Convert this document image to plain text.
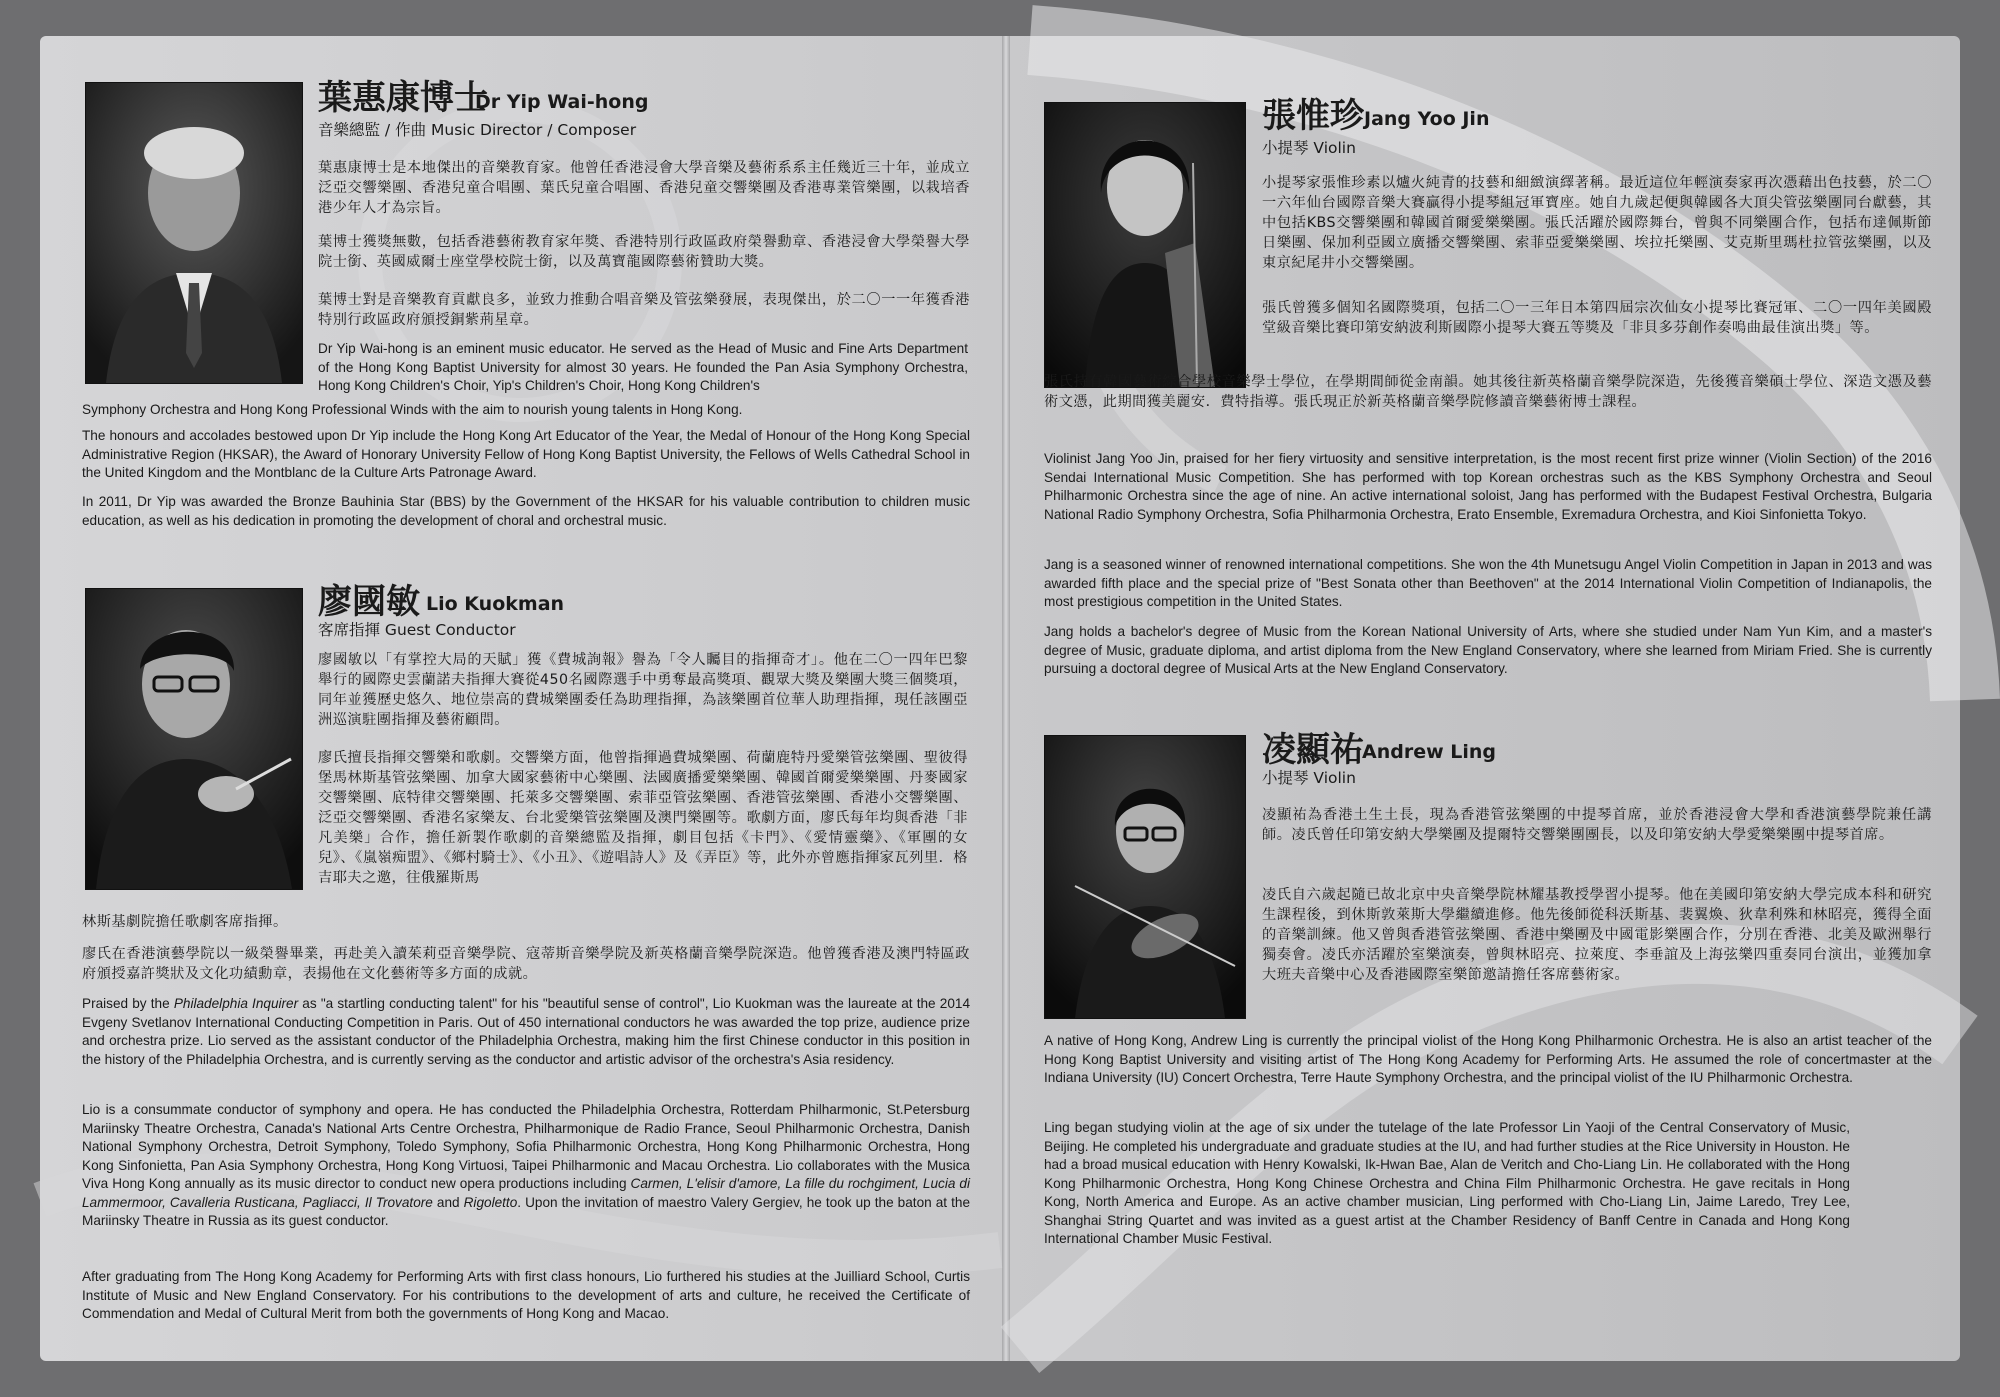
葉惠康博士
Dr Yip Wai-hong
音樂總監 / 作曲 Music Director / Composer

葉惠康博士是本地傑出的音樂教育家。他曾任香港浸會大學音樂及藝術系系主任幾近三十年，並成立泛亞交響樂團、香港兒童合唱團、葉氏兒童合唱團、香港兒童交響樂團及香港專業管樂團，以栽培香港少年人才為宗旨。

葉博士獲獎無數，包括香港藝術教育家年獎、香港特別行政區政府榮譽勳章、香港浸會大學榮譽大學院士銜、英國威爾士座堂學校院士銜，以及萬寶龍國際藝術贊助大獎。

葉博士對是音樂教育貢獻良多，並致力推動合唱音樂及管弦樂發展，表現傑出，於二〇一一年獲香港特別行政區政府頒授銅紫荊星章。

Dr Yip Wai-hong is an eminent music educator. He served as the Head of Music and Fine Arts Department of the Hong Kong Baptist University for almost 30 years. He founded the Pan Asia Symphony Orchestra, Hong Kong Children's Choir, Yip's Children's Choir, Hong Kong Children's

Symphony Orchestra and Hong Kong Professional Winds with the aim to nourish young talents in Hong Kong.

The honours and accolades bestowed upon Dr Yip include the Hong Kong Art Educator of the Year, the Medal of Honour of the Hong Kong Special Administrative Region (HKSAR), the Award of Honorary University Fellow of Hong Kong Baptist University, the Fellows of Wells Cathedral School in the United Kingdom and the Montblanc de la Culture Arts Patronage Award.

In 2011, Dr Yip was awarded the Bronze Bauhinia Star (BBS) by the Government of the HKSAR for his valuable contribution to children music education, as well as his dedication in promoting the development of choral and orchestral music.

廖國敏 Lio Kuokman
客席指揮 Guest Conductor

廖國敏以「有掌控大局的天賦」獲《費城詢報》譽為「令人矚目的指揮奇才」。他在二〇一四年巴黎舉行的國際史雲蘭諾夫指揮大賽從450名國際選手中勇奪最高獎項、觀眾大獎及樂團大獎三個獎項，同年並獲歷史悠久、地位崇高的費城樂團委任為助理指揮，為該樂團首位華人助理指揮，現任該團亞洲巡演駐團指揮及藝術顧問。

廖氏擅長指揮交響樂和歌劇。交響樂方面，他曾指揮過費城樂團、荷蘭鹿特丹愛樂管弦樂團、聖彼得堡馬林斯基管弦樂團、加拿大國家藝術中心樂團、法國廣播愛樂樂團、韓國首爾愛樂樂團、丹麥國家交響樂團、底特律交響樂團、托萊多交響樂團、索菲亞管弦樂團、香港管弦樂團、香港小交響樂團、泛亞交響樂團、香港名家樂友、台北愛樂管弦樂團及澳門樂團等。歌劇方面，廖氏每年均與香港「非凡美樂」合作，擔任新製作歌劇的音樂總監及指揮，劇目包括《卡門》、《愛情靈藥》、《軍團的女兒》、《嵐嶺痴盟》、《鄉村騎士》、《小丑》、《遊唱詩人》及《弄臣》等，此外亦曾應指揮家瓦列里．格吉耶夫之邀，往俄羅斯馬

林斯基劇院擔任歌劇客席指揮。

廖氏在香港演藝學院以一級榮譽畢業，再赴美入讀茱莉亞音樂學院、寇蒂斯音樂學院及新英格蘭音樂學院深造。他曾獲香港及澳門特區政府頒授嘉許獎狀及文化功績勳章，表揚他在文化藝術等多方面的成就。

Praised by the Philadelphia Inquirer as "a startling conducting talent" for his "beautiful sense of control", Lio Kuokman was the laureate at the 2014 Evgeny Svetlanov International Conducting Competition in Paris. Out of 450 international conductors he was awarded the top prize, audience prize and orchestra prize. Lio served as the assistant conductor of the Philadelphia Orchestra, making him the first Chinese conductor in this position in the history of the Philadelphia Orchestra, and is currently serving as the conductor and artistic advisor of the orchestra's Asia residency.

Lio is a consummate conductor of symphony and opera. He has conducted the Philadelphia Orchestra, Rotterdam Philharmonic, St.Petersburg Mariinsky Theatre Orchestra, Canada's National Arts Centre Orchestra, Philharmonique de Radio France, Seoul Philharmonic Orchestra, Danish National Symphony Orchestra, Detroit Symphony, Toledo Symphony, Sofia Philharmonic Orchestra, Hong Kong Philharmonic Orchestra, Hong Kong Sinfonietta, Pan Asia Symphony Orchestra, Hong Kong Virtuosi, Taipei Philharmonic and Macau Orchestra. Lio collaborates with the Musica Viva Hong Kong annually as its music director to conduct new opera productions including Carmen, L'elisir d'amore, La fille du rochgiment, Lucia di Lammermoor, Cavalleria Rusticana, Pagliacci, Il Trovatore and Rigoletto. Upon the invitation of maestro Valery Gergiev, he took up the baton at the Mariinsky Theatre in Russia as its guest conductor.

After graduating from The Hong Kong Academy for Performing Arts with first class honours, Lio furthered his studies at the Juilliard School, Curtis Institute of Music and New England Conservatory. For his contributions to the development of arts and culture, he received the Certificate of Commendation and Medal of Cultural Merit from both the governments of Hong Kong and Macao.

張惟珍 Jang Yoo Jin
小提琴 Violin

小提琴家張惟珍素以爐火純青的技藝和細緻演繹著稱。最近這位年輕演奏家再次憑藉出色技藝，於二〇一六年仙台國際音樂大賽贏得小提琴組冠軍寶座。她自九歲起便與韓國各大頂尖管弦樂團同台獻藝，其中包括KBS交響樂團和韓國首爾愛樂樂團。張氏活躍於國際舞台，曾與不同樂團合作，包括布達佩斯節日樂團、保加利亞國立廣播交響樂團、索菲亞愛樂樂團、埃拉托樂團、艾克斯里瑪杜拉管弦樂團，以及東京紀尾井小交響樂團。

張氏曾獲多個知名國際獎項，包括二〇一三年日本第四屆宗次仙女小提琴比賽冠軍、二〇一四年美國殿堂級音樂比賽印第安納波利斯國際小提琴大賽五等獎及「非貝多芬創作奏鳴曲最佳演出獎」等。

張氏持有韓國藝術綜合學校音樂學士學位，在學期間師從金南韻。她其後往新英格蘭音樂學院深造，先後獲音樂碩士學位、深造文憑及藝術文憑，此期間獲美麗安．費特指導。張氏現正於新英格蘭音樂學院修讀音樂藝術博士課程。

Violinist Jang Yoo Jin, praised for her fiery virtuosity and sensitive interpretation, is the most recent first prize winner (Violin Section) of the 2016 Sendai International Music Competition. She has performed with top Korean orchestras such as the KBS Symphony Orchestra and Seoul Philharmonic Orchestra since the age of nine. An active international soloist, Jang has performed with the Budapest Festival Orchestra, Bulgaria National Radio Symphony Orchestra, Sofia Philharmonia Orchestra, Erato Ensemble, Exremadura Orchestra, and Kioi Sinfonietta Tokyo.

Jang is a seasoned winner of renowned international competitions. She won the 4th Munetsugu Angel Violin Competition in Japan in 2013 and was awarded fifth place and the special prize of "Best Sonata other than Beethoven" at the 2014 International Violin Competition of Indianapolis, the most prestigious competition in the United States.

Jang holds a bachelor's degree of Music from the Korean National University of Arts, where she studied under Nam Yun Kim, and a master's degree of Music, graduate diploma, and artist diploma from the New England Conservatory, where she learned from Miriam Fried. She is currently pursuing a doctoral degree of Musical Arts at the New England Conservatory.

凌顯祐
Andrew Ling
小提琴 Violin

凌顯祐為香港土生土長，現為香港管弦樂團的中提琴首席，並於香港浸會大學和香港演藝學院兼任講師。凌氏曾任印第安納大學樂團及提爾特交響樂團團長，以及印第安納大學愛樂樂團中提琴首席。

凌氏自六歲起隨已故北京中央音樂學院林耀基教授學習小提琴。他在美國印第安納大學完成本科和研究生課程後，到休斯敦萊斯大學繼續進修。他先後師從科沃斯基、裴翼煥、狄韋利殊和林昭亮，獲得全面的音樂訓練。他又曾與香港管弦樂團、香港中樂團及中國電影樂團合作，分別在香港、北美及歐洲舉行獨奏會。凌氏亦活躍於室樂演奏，曾與林昭亮、拉萊度、李垂誼及上海弦樂四重奏同台演出，並獲加拿大班夫音樂中心及香港國際室樂節邀請擔任客席藝術家。

A native of Hong Kong, Andrew Ling is currently the principal violist of the Hong Kong Philharmonic Orchestra. He is also an artist teacher of the Hong Kong Baptist University and visiting artist of The Hong Kong Academy for Performing Arts. He assumed the role of concertmaster at the Indiana University (IU) Concert Orchestra, Terre Haute Symphony Orchestra, and the principal violist of the IU Philharmonic Orchestra.

Ling began studying violin at the age of six under the tutelage of the late Professor Lin Yaoji of the Central Conservatory of Music, Beijing. He completed his undergraduate and graduate studies at the IU, and had further studies at the Rice University in Houston. He had a broad musical education with Henry Kowalski, Ik-Hwan Bae, Alan de Veritch and Cho-Liang Lin. He collaborated with the Hong Kong Philharmonic Orchestra, Hong Kong Chinese Orchestra and China Film Philharmonic Orchestra. He gave recitals in Hong Kong, North America and Europe. As an active chamber musician, Ling performed with Cho-Liang Lin, Jaime Laredo, Trey Lee, Shanghai String Quartet and was invited as a guest artist at the Chamber Residency of Banff Centre in Canada and Hong Kong International Chamber Music Festival.
